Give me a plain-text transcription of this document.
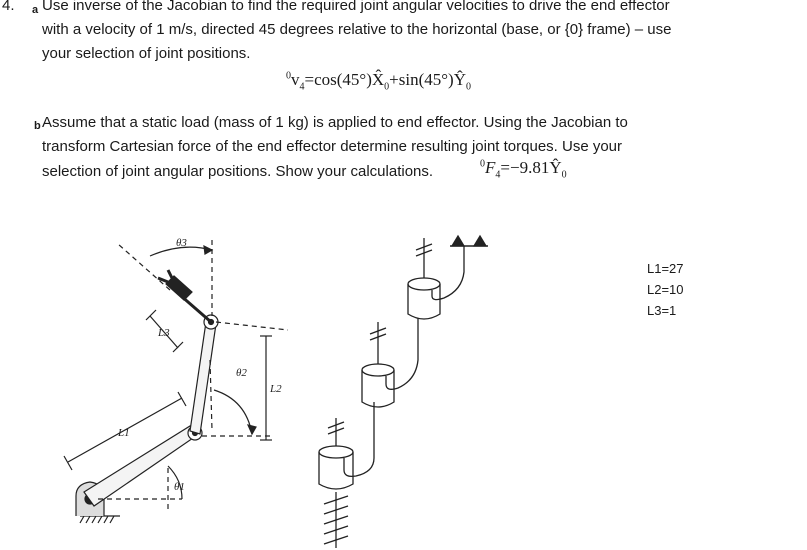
4. a Use inverse of the Jacobian to find the required joint angular velocities to drive the end effector
with a velocity of 1 m/s, directed 45 degrees relative to the horizontal (base, or {0} frame) – use
your selection of joint positions.
$^0v_4=\cos(45^\circ)X̂_0+\sin(45^\circ)Ŷ_0$
b Assume that a static load (mass of 1 kg) is applied to end effector. Using the Jacobian to
transform Cartesian force of the end effector determine resulting joint torques. Use your
selection of joint angular positions. Show your calculations.	$^0F_4=-9.81Ŷ_0$
L1=27
L2=10
L3=1
θ3
θ2
θ1
L1
L2
L3
